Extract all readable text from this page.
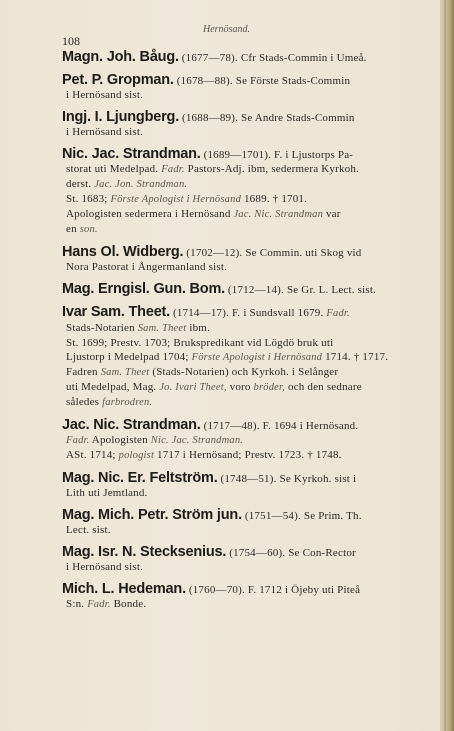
108
Hernösand.
Magn. Joh. Båug. (1677—78). Cfr Stads-Commin i Umeå.
Pet. P. Gropman. (1678—88). Se Förste Stads-Commin
i Hernösand sist.
Ingj. I. Ljungberg. (1688—89). Se Andre Stads-Commin
i Hernösand sist.
Nic. Jac. Strandman. (1689—1701). F. i Ljustorps Pa-
storat uti Medelpad. Fadr. Pastors-Adj. ibm, sedermera Kyrkoh.
derst. Jac. Jon. Strandman.
St. 1683; Förste Apologist i Hernösand 1689. † 1701.
Apologisten sedermera i Hernösand Jac. Nic. Strandman var
en son.
Hans Ol. Widberg. (1702—12). Se Commin. uti Skog vid
Nora Pastorat i Ångermanland sist.
Mag. Erngisl. Gun. Bom. (1712—14). Se Gr. L. Lect. sist.
Ivar Sam. Theet. (1714—17). F. i Sundsvall 1679. Fadr.
Stads-Notarien Sam. Theet ibm.
St. 1699; Prestv. 1703; Brukspredikant vid Lögdö bruk uti
Ljustorp i Medelpad 1704; Förste Apologist i Hernösand 1714. † 1717.
Fadren Sam. Theet (Stads-Notarien) och Kyrkoh. i Selånger
uti Medelpad, Mag. Jo. Ivari Theet, voro bröder, och den sednare
således farbrodren.
Jac. Nic. Strandman. (1717—48). F. 1694 i Hernösand.
Fadr. Apologisten Nic. Jac. Strandman.
ASt. 1714; pologist 1717 i Hernösand; Prestv. 1723. † 1748.
Mag. Nic. Er. Feltström. (1748—51). Se Kyrkoh. sist i
Lith uti Jemtland.
Mag. Mich. Petr. Ström jun. (1751—54). Se Prim. Th.
Lect. sist.
Mag. Isr. N. Stecksenius. (1754—60). Se Con-Rector
i Hernösand sist.
Mich. L. Hedeman. (1760—70). F. 1712 i Öjeby uti Piteå
S:n. Fadr. Bonde.
